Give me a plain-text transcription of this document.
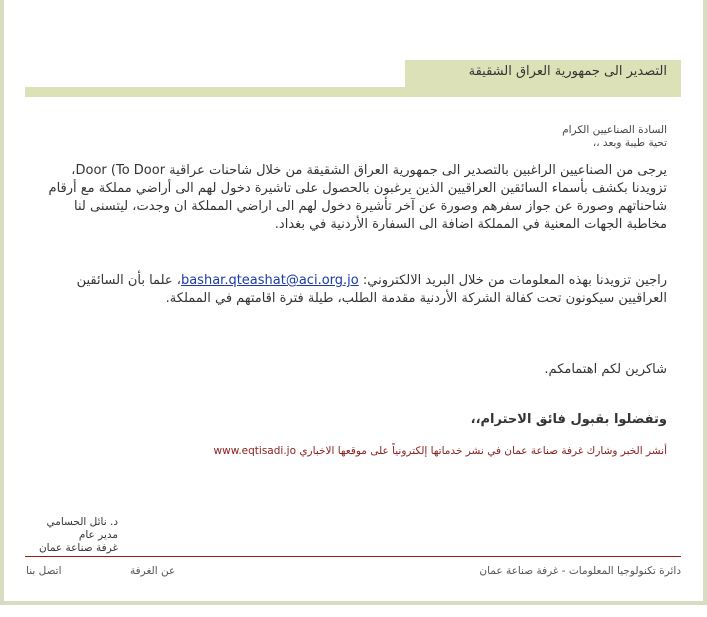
التصدير الى جمهورية العراق الشقيقة
السادة الصناعيين الكرام
تحية طيبة وبعد ،،
يرجى من الصناعيين الراغبين بالتصدير الى جمهورية العراق الشقيقة من خلال شاحنات عراقية Door (To Door، تزويدنا بكشف بأسماء السائقين العراقيين الذين يرغبون بالحصول على تاشيرة دخول لهم الى أراضي مملكة مع أرقام شاحناتهم وصورة عن جواز سفرهم وصورة عن آخر تأشيرة دخول لهم الى اراضي المملكة ان وجدت، ليتسنى لنا مخاطبة الجهات المعنية في المملكة اضافة الى السفارة الأردنية في بغداد.
راجين تزويدنا بهذه المعلومات من خلال البريد الالكتروني: bashar.qteashat@aci.org.jo، علما بأن السائقين العراقيين سيكونون تحت كفالة الشركة الأردنية مقدمة الطلب، طيلة فترة اقامتهم في المملكة.
شاكرين لكم اهتمامكم.
وتفضلوا بقبول فائق الاحترام،،
أنشر الخبر وشارك غرفة صناعة عمان في نشر خدماتها إلكترونياً على موقعها الاخباري www.eqtisadi.jo
د. نائل الحسامي
مدير عام
غرفة صناعة عمان
دائرة تكنولوجيا المعلومات - غرفة صناعة عمان
عن الغرفة
اتصل بنا
